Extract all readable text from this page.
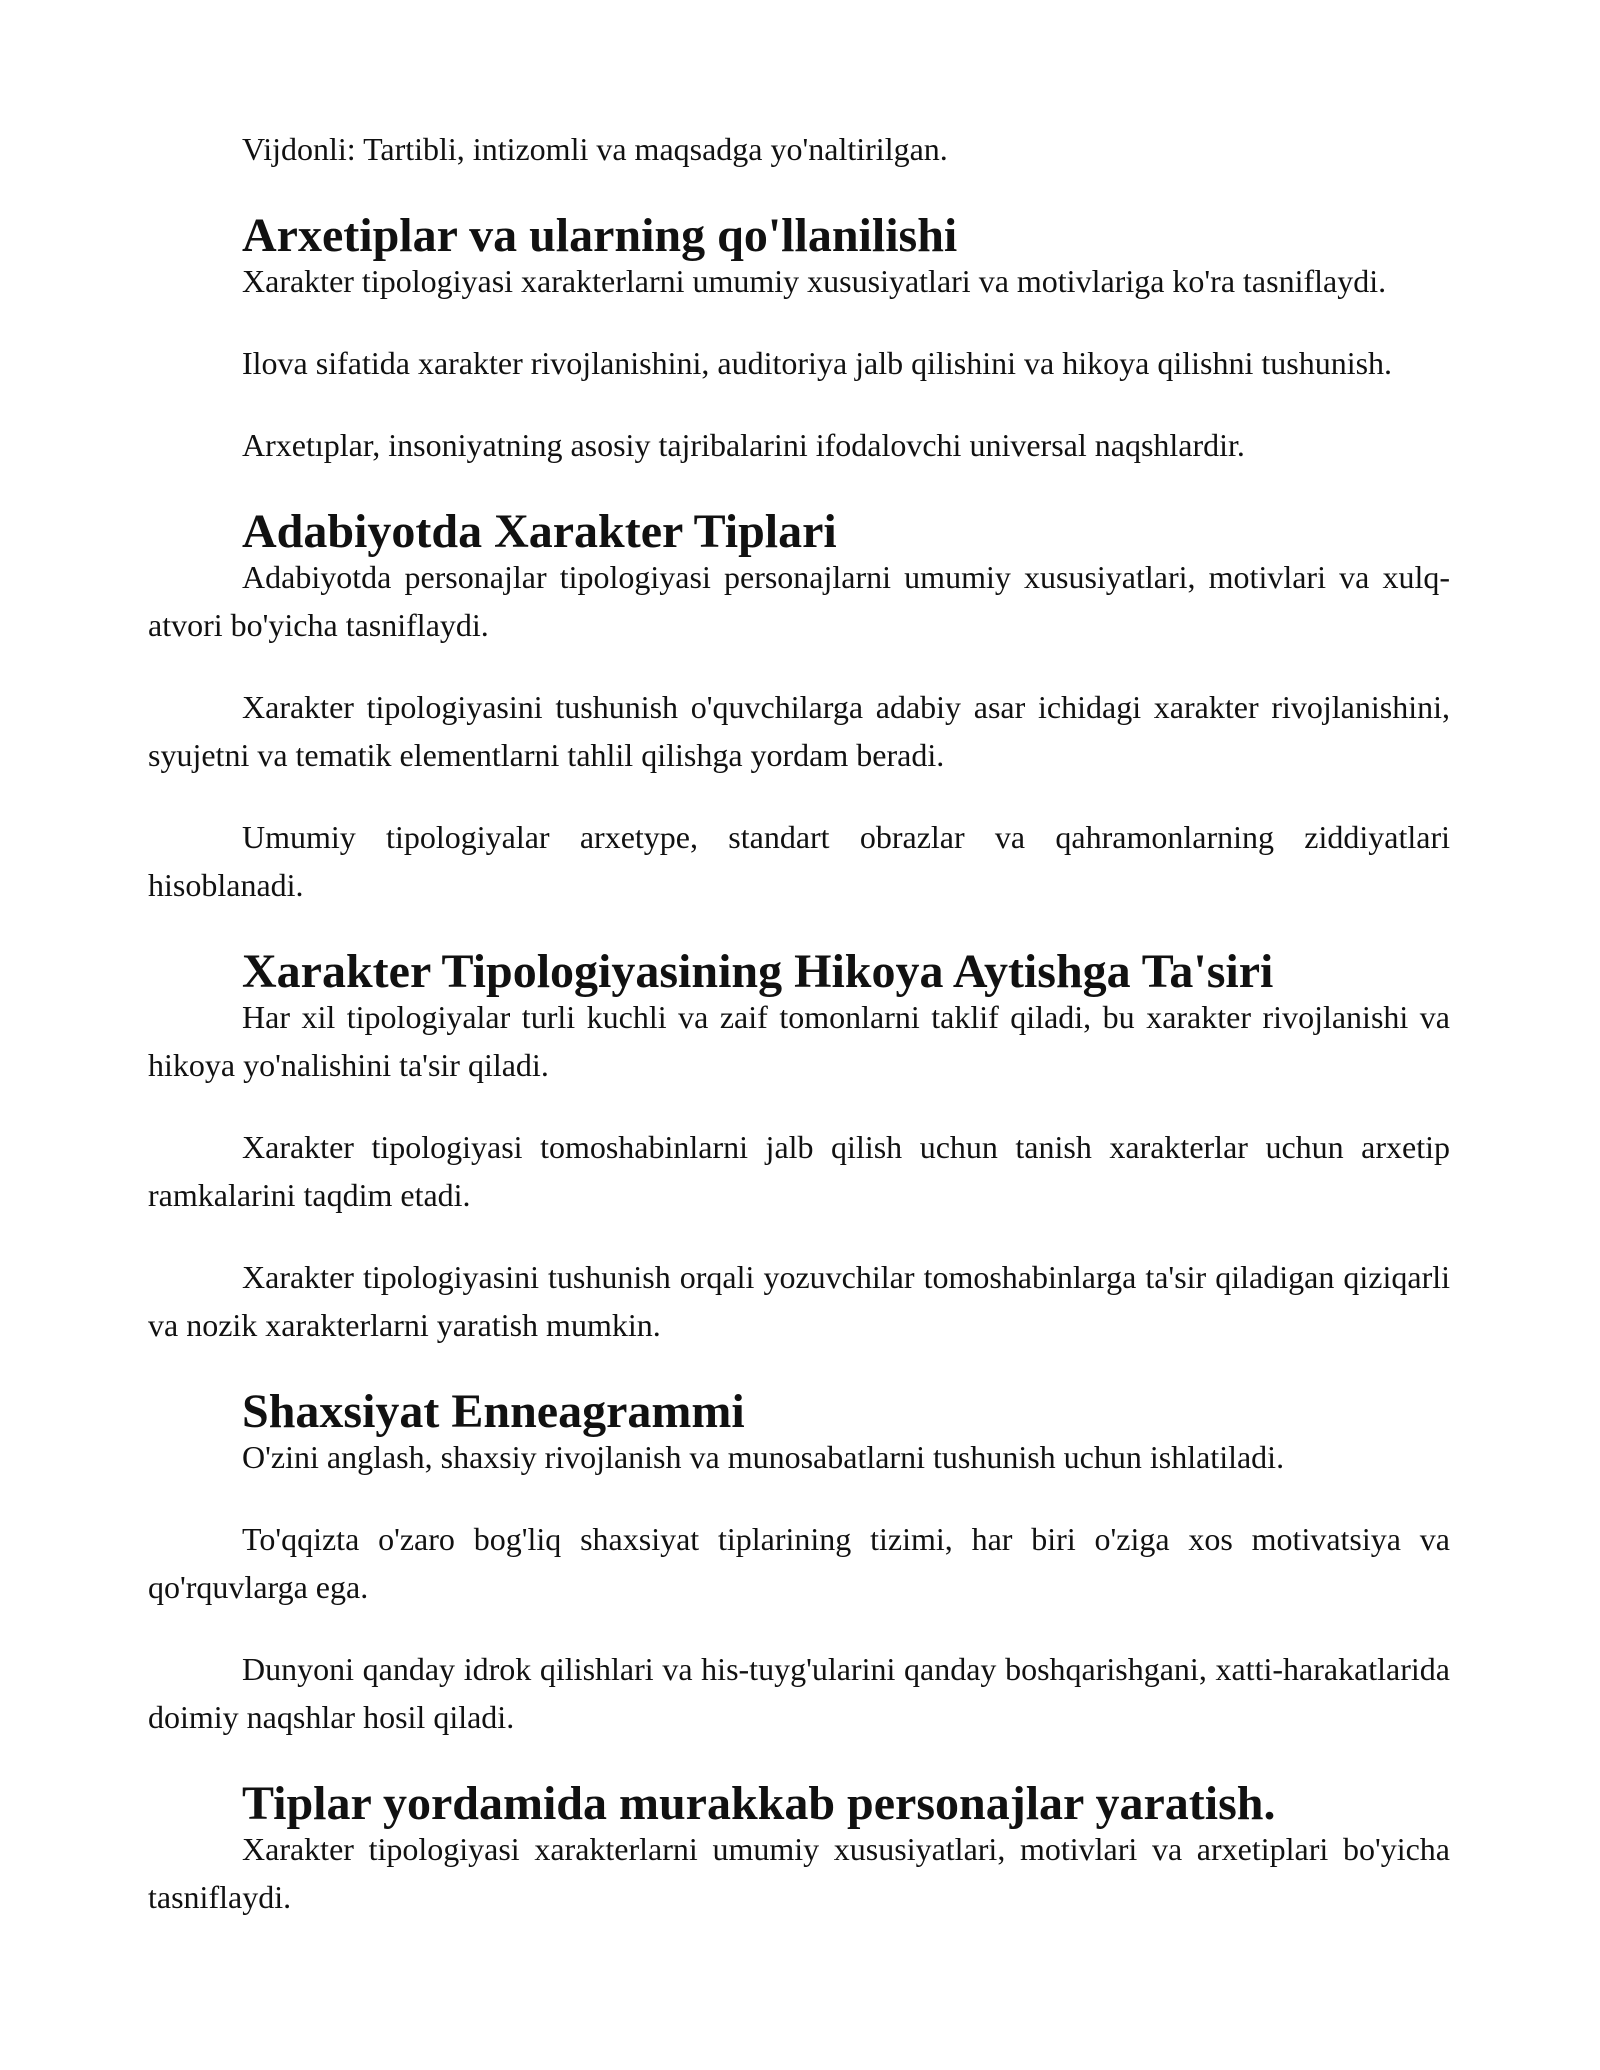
Vijdonli: Tartibli, intizomli va maqsadga yo'naltirilgan.

Arxetiplar va ularning qo'llanilishi

Xarakter tipologiyasi xarakterlarni umumiy xususiyatlari va motivlariga ko'ra tasniflaydi.

Ilova sifatida xarakter rivojlanishini, auditoriya jalb qilishini va hikoya qilishni tushunish.

Arxetıplar, insoniyatning asosiy tajribalarini ifodalovchi universal naqshlardir.

Adabiyotda Xarakter Tiplari

Adabiyotda personajlar tipologiyasi personajlarni umumiy xususiyatlari, motivlari va xulq-atvori bo'yicha tasniflaydi.

Xarakter tipologiyasini tushunish o'quvchilarga adabiy asar ichidagi xarakter rivojlanishini, syujetni va tematik elementlarni tahlil qilishga yordam beradi.

Umumiy tipologiyalar arxetype, standart obrazlar va qahramonlarning ziddiyatlari hisoblanadi.

Xarakter Tipologiyasining Hikoya Aytishga Ta'siri

Har xil tipologiyalar turli kuchli va zaif tomonlarni taklif qiladi, bu xarakter rivojlanishi va hikoya yo'nalishini ta'sir qiladi.

Xarakter tipologiyasi tomoshabinlarni jalb qilish uchun tanish xarakterlar uchun arxetip ramkalarini taqdim etadi.

Xarakter tipologiyasini tushunish orqali yozuvchilar tomoshabinlarga ta'sir qiladigan qiziqarli va nozik xarakterlarni yaratish mumkin.

Shaxsiyat Enneagrammi

O'zini anglash, shaxsiy rivojlanish va munosabatlarni tushunish uchun ishlatiladi.

To'qqizta o'zaro bog'liq shaxsiyat tiplarining tizimi, har biri o'ziga xos motivatsiya va qo'rquvlarga ega.

Dunyoni qanday idrok qilishlari va his-tuyg'ularini qanday boshqarishgani, xatti-harakatlarida doimiy naqshlar hosil qiladi.

Tiplar yordamida murakkab personajlar yaratish.

Xarakter tipologiyasi xarakterlarni umumiy xususiyatlari, motivlari va arxetiplari bo'yicha tasniflaydi.
